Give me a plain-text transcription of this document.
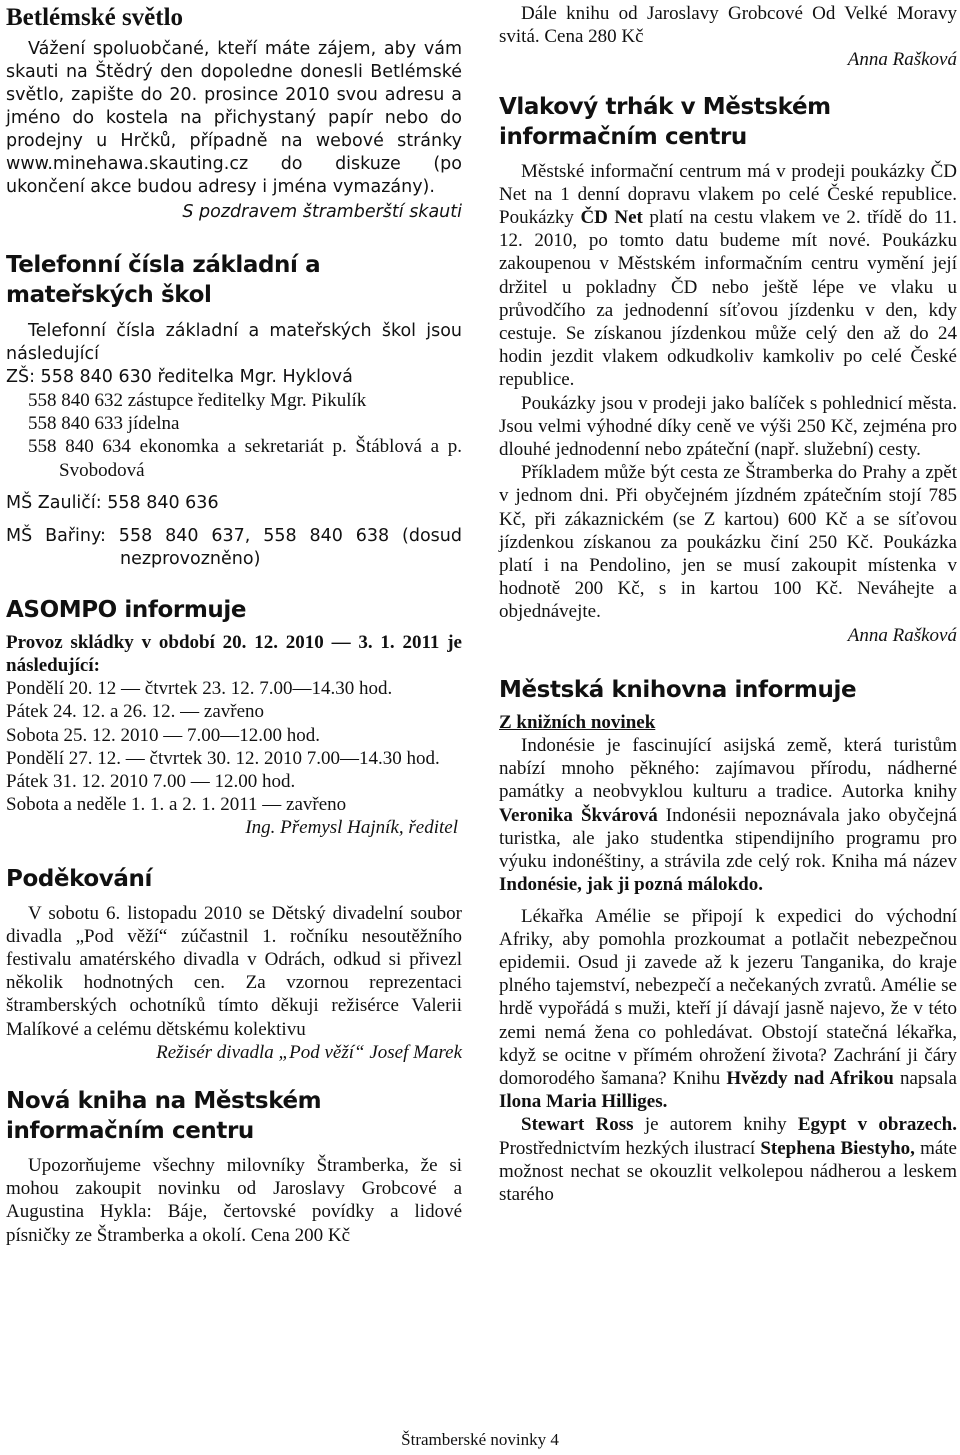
Betlémské světlo

Vážení spoluobčané, kteří máte zájem, aby vám skauti na Štědrý den dopoledne donesli Betlémské světlo, zapište do 20. prosince 2010 svou adresu a jméno do kostela na přichystaný papír nebo do prodejny u Hrčků, případně na webové stránky www.minehawa.skauting.cz do diskuze (po ukončení akce budou adresy i jména vymazány).

S pozdravem štramberští skauti

Telefonní čísla základní a mateřských škol

Telefonní čísla základní a mateřských škol jsou následující

ZŠ: 558 840 630 ředitelka Mgr. Hyklová

558 840 632 zástupce ředitelky Mgr. Pikulík
558 840 633 jídelna
558 840 634 ekonomka a sekretariát p. Štáblová a p. Svobodová

MŠ Zauličí: 558 840 636

MŠ Bařiny: 558 840 637, 558 840 638 (dosud nezprovozněno)

ASOMPO informuje

Provoz skládky v období 20. 12. 2010 — 3. 1. 2011 je následující:

Pondělí 20. 12 — čtvrtek 23. 12. 7.00—14.30 hod.
Pátek 24. 12. a 26. 12. — zavřeno
Sobota 25. 12. 2010 — 7.00—12.00 hod.
Pondělí 27. 12. — čtvrtek 30. 12. 2010 7.00—14.30 hod.
Pátek 31. 12. 2010 7.00 — 12.00 hod.
Sobota a neděle 1. 1. a 2. 1. 2011 — zavřeno

Ing. Přemysl Hajník, ředitel

Poděkování

V sobotu 6. listopadu 2010 se Dětský divadelní soubor divadla „Pod věží“ zúčastnil 1. ročníku nesoutěžního festivalu amatérského divadla v Odrách, odkud si přivezl několik hodnotných cen. Za vzornou reprezentaci štramberských ochotníků tímto děkuji režisérce Valerii Malíkové a celému dětskému kolektivu

Režisér divadla „Pod věží“ Josef Marek

Nová kniha na Městském informačním centru

Upozorňujeme všechny milovníky Štramberka, že si mohou zakoupit novinku od Jaroslavy Grobcové a Augustina Hykla: Báje, čertovské povídky a lidové písničky ze Štramberka a okolí. Cena 200 Kč

Dále knihu od Jaroslavy Grobcové Od Velké Moravy svitá. Cena 280 Kč

Anna Rašková

Vlakový trhák v Městském informačním centru

Městské informační centrum má v prodeji poukázky ČD Net na 1 denní dopravu vlakem po celé České republice. Poukázky ČD Net platí na cestu vlakem ve 2. třídě do 11. 12. 2010, po tomto datu budeme mít nové. Poukázku zakoupenou v Městském informačním centru vymění její držitel u pokladny ČD nebo ještě lépe ve vlaku u průvodčího za jednodenní síťovou jízdenku v den, kdy cestuje. Se získanou jízdenkou může celý den až do 24 hodin jezdit vlakem odkudkoliv kamkoliv po celé České republice.

Poukázky jsou v prodeji jako balíček s pohlednicí města. Jsou velmi výhodné díky ceně ve výši 250 Kč, zejména pro dlouhé jednodenní nebo zpáteční (např. služební) cesty.

Příkladem může být cesta ze Štramberka do Prahy a zpět v jednom dni. Při obyčejném jízdném zpátečním stojí 785 Kč, při zákaznickém (se Z kartou) 600 Kč a se síťovou jízdenkou získanou za poukázku činí 250 Kč. Poukázka platí i na Pendolino, jen se musí zakoupit místenka v hodnotě 200 Kč, s in kartou 100 Kč. Neváhejte a objednávejte.

Anna Rašková

Městská knihovna informuje

Z knižních novinek

Indonésie je fascinující asijská země, která turistům nabízí mnoho pěkného: zajímavou přírodu, nádherné památky a neobvyklou kulturu a tradice. Autorka knihy Veronika Škvárová Indonésii nepoznávala jako obyčejná turistka, ale jako studentka stipendijního programu pro výuku indonéštiny, a strávila zde celý rok. Kniha má název Indonésie, jak ji pozná málokdo.

Lékařka Amélie se připojí k expedici do východní Afriky, aby pomohla prozkoumat a potlačit nebezpečnou epidemii. Osud ji zavede až k jezeru Tanganika, do kraje plného tajemství, nebezpečí a nečekaných zvratů. Amélie se hrdě vypořádá s muži, kteří jí dávají jasně najevo, že v této zemi nemá žena co pohledávat. Obstojí statečná lékařka, když se ocitne v přímém ohrožení života? Zachrání ji čáry domorodého šamana? Knihu Hvězdy nad Afrikou napsala Ilona Maria Hilliges.

Stewart Ross je autorem knihy Egypt v obrazech. Prostřednictvím hezkých ilustrací Stephena Biestyho, máte možnost nechat se okouzlit velkolepou nádherou a leskem starého

Štramberské novinky 4
